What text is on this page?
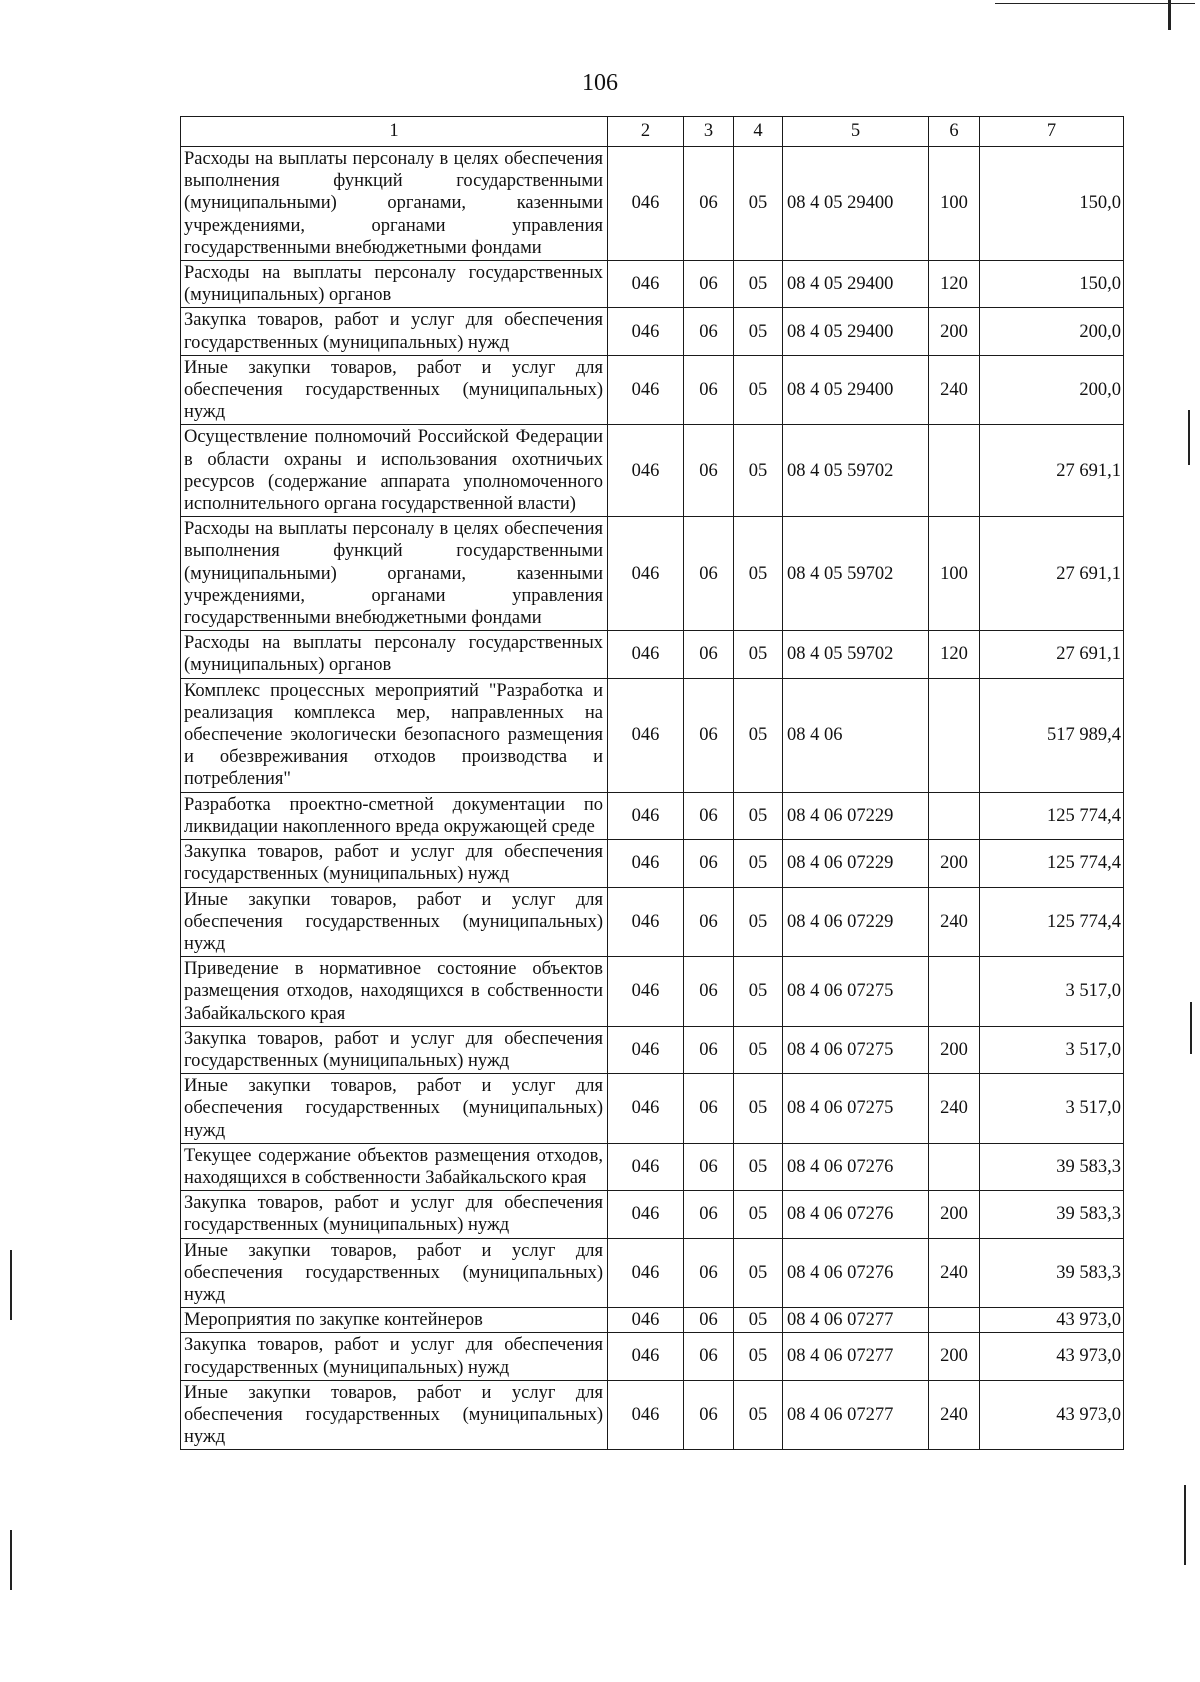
106
1	2	3	4	5	6	7
Расходы на выплаты персоналу в целях обеспечения выполнения функций государственными (муниципальными) органами, казенными учреждениями, органами управления государственными внебюджетными фондами	046	06	05	08 4 05 29400	100	150,0
Расходы на выплаты персоналу государственных (муниципальных) органов	046	06	05	08 4 05 29400	120	150,0
Закупка товаров, работ и услуг для обеспечения государственных (муниципальных) нужд	046	06	05	08 4 05 29400	200	200,0
Иные закупки товаров, работ и услуг для обеспечения государственных (муниципальных) нужд	046	06	05	08 4 05 29400	240	200,0
Осуществление полномочий Российской Федерации в области охраны и использования охотничьих ресурсов (содержание аппарата уполномоченного исполнительного органа государственной власти)	046	06	05	08 4 05 59702		27 691,1
Расходы на выплаты персоналу в целях обеспечения выполнения функций государственными (муниципальными) органами, казенными учреждениями, органами управления государственными внебюджетными фондами	046	06	05	08 4 05 59702	100	27 691,1
Расходы на выплаты персоналу государственных (муниципальных) органов	046	06	05	08 4 05 59702	120	27 691,1
Комплекс процессных мероприятий "Разработка и реализация комплекса мер, направленных на обеспечение экологически безопасного размещения и обезвреживания отходов производства и потребления"	046	06	05	08 4 06		517 989,4
Разработка проектно-сметной документации по ликвидации накопленного вреда окружающей среде	046	06	05	08 4 06 07229		125 774,4
Закупка товаров, работ и услуг для обеспечения государственных (муниципальных) нужд	046	06	05	08 4 06 07229	200	125 774,4
Иные закупки товаров, работ и услуг для обеспечения государственных (муниципальных) нужд	046	06	05	08 4 06 07229	240	125 774,4
Приведение в нормативное состояние объектов размещения отходов, находящихся в собственности Забайкальского края	046	06	05	08 4 06 07275		3 517,0
Закупка товаров, работ и услуг для обеспечения государственных (муниципальных) нужд	046	06	05	08 4 06 07275	200	3 517,0
Иные закупки товаров, работ и услуг для обеспечения государственных (муниципальных) нужд	046	06	05	08 4 06 07275	240	3 517,0
Текущее содержание объектов размещения отходов, находящихся в собственности Забайкальского края	046	06	05	08 4 06 07276		39 583,3
Закупка товаров, работ и услуг для обеспечения государственных (муниципальных) нужд	046	06	05	08 4 06 07276	200	39 583,3
Иные закупки товаров, работ и услуг для обеспечения государственных (муниципальных) нужд	046	06	05	08 4 06 07276	240	39 583,3
Мероприятия по закупке контейнеров	046	06	05	08 4 06 07277		43 973,0
Закупка товаров, работ и услуг для обеспечения государственных (муниципальных) нужд	046	06	05	08 4 06 07277	200	43 973,0
Иные закупки товаров, работ и услуг для обеспечения государственных (муниципальных) нужд	046	06	05	08 4 06 07277	240	43 973,0
